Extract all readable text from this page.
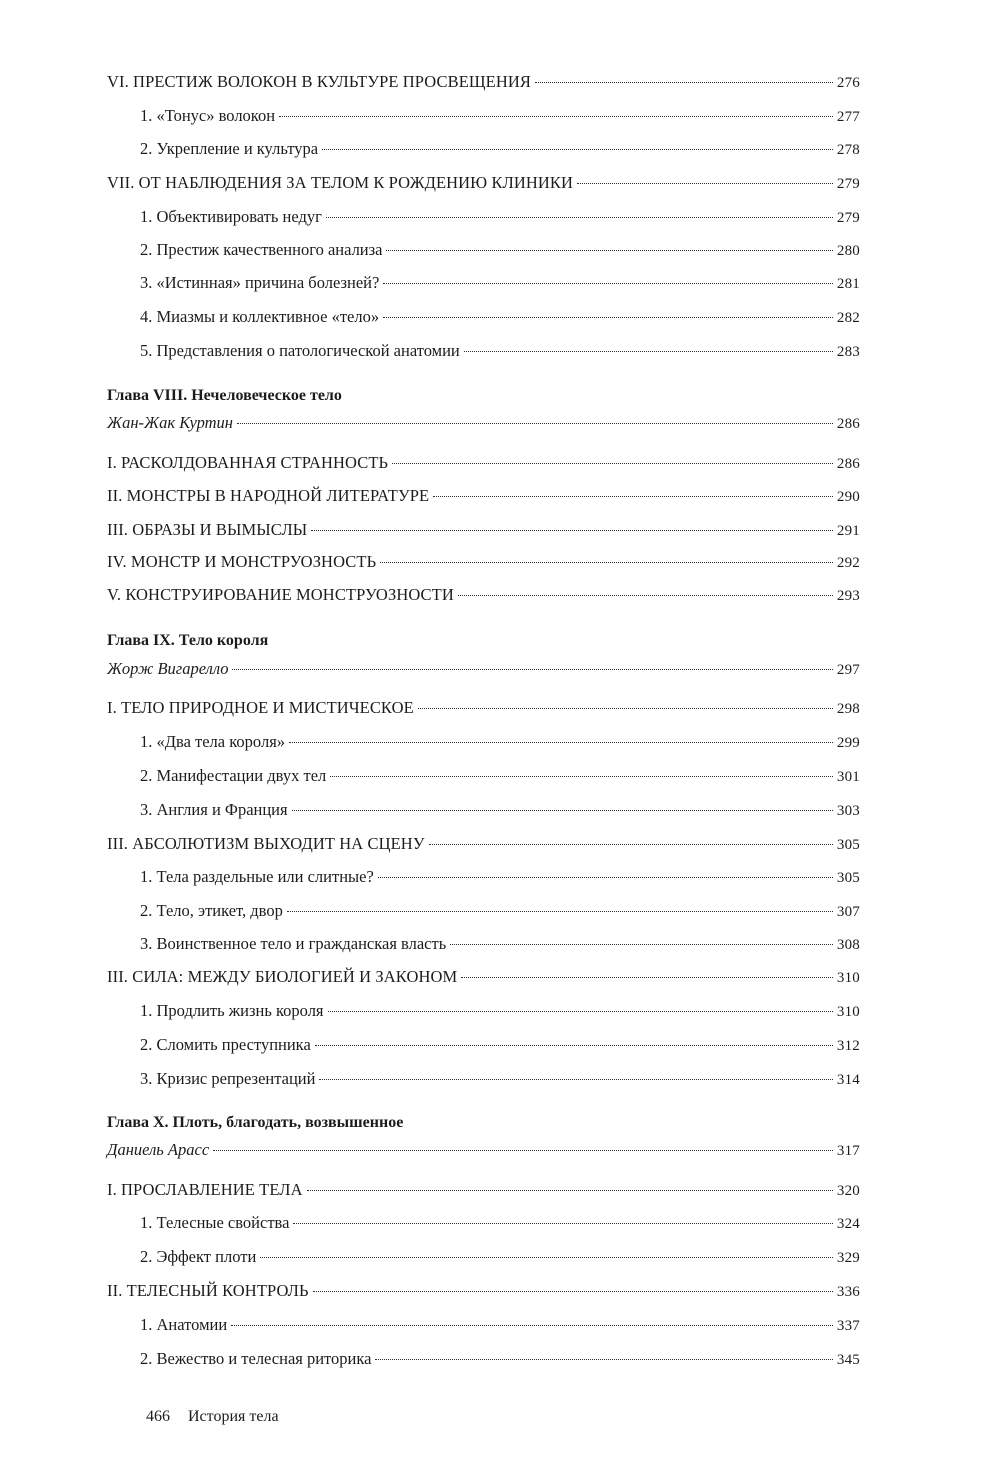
VI. ПРЕСТИЖ ВОЛОКОН В КУЛЬТУРЕ ПРОСВЕЩЕНИЯ	276
1. «Тонус» волокон	277
2. Укрепление и культура	278
VII. ОТ НАБЛЮДЕНИЯ ЗА ТЕЛОМ К РОЖДЕНИЮ КЛИНИКИ	279
1. Объективировать недуг	279
2. Престиж качественного анализа	280
3. «Истинная» причина болезней?	281
4. Миазмы и коллективное «тело»	282
5. Представления о патологической анатомии	283
Глава VIII. Нечеловеческое тело
Жан-Жак Куртин	286
I. РАСКОЛДОВАННАЯ СТРАННОСТЬ	286
II. МОНСТРЫ В НАРОДНОЙ ЛИТЕРАТУРЕ	290
III. ОБРАЗЫ И ВЫМЫСЛЫ	291
IV. МОНСТР И МОНСТРУОЗНОСТЬ	292
V. КОНСТРУИРОВАНИЕ МОНСТРУОЗНОСТИ	293
Глава IX. Тело короля
Жорж Вигарелло	297
I. ТЕЛО ПРИРОДНОЕ И МИСТИЧЕСКОЕ	298
1. «Два тела короля»	299
2. Манифестации двух тел	301
3. Англия и Франция	303
III. АБСОЛЮТИЗМ ВЫХОДИТ НА СЦЕНУ	305
1. Тела раздельные или слитные?	305
2. Тело, этикет, двор	307
3. Воинственное тело и гражданская власть	308
III. СИЛА: МЕЖДУ БИОЛОГИЕЙ И ЗАКОНОМ	310
1. Продлить жизнь короля	310
2. Сломить преступника	312
3. Кризис репрезентаций	314
Глава X. Плоть, благодать, возвышенное
Даниель Арасс	317
I. ПРОСЛАВЛЕНИЕ ТЕЛА	320
1. Телесные свойства	324
2. Эффект плоти	329
II. ТЕЛЕСНЫЙ КОНТРОЛЬ	336
1. Анатомии	337
2. Вежество и телесная риторика	345
466 История тела
